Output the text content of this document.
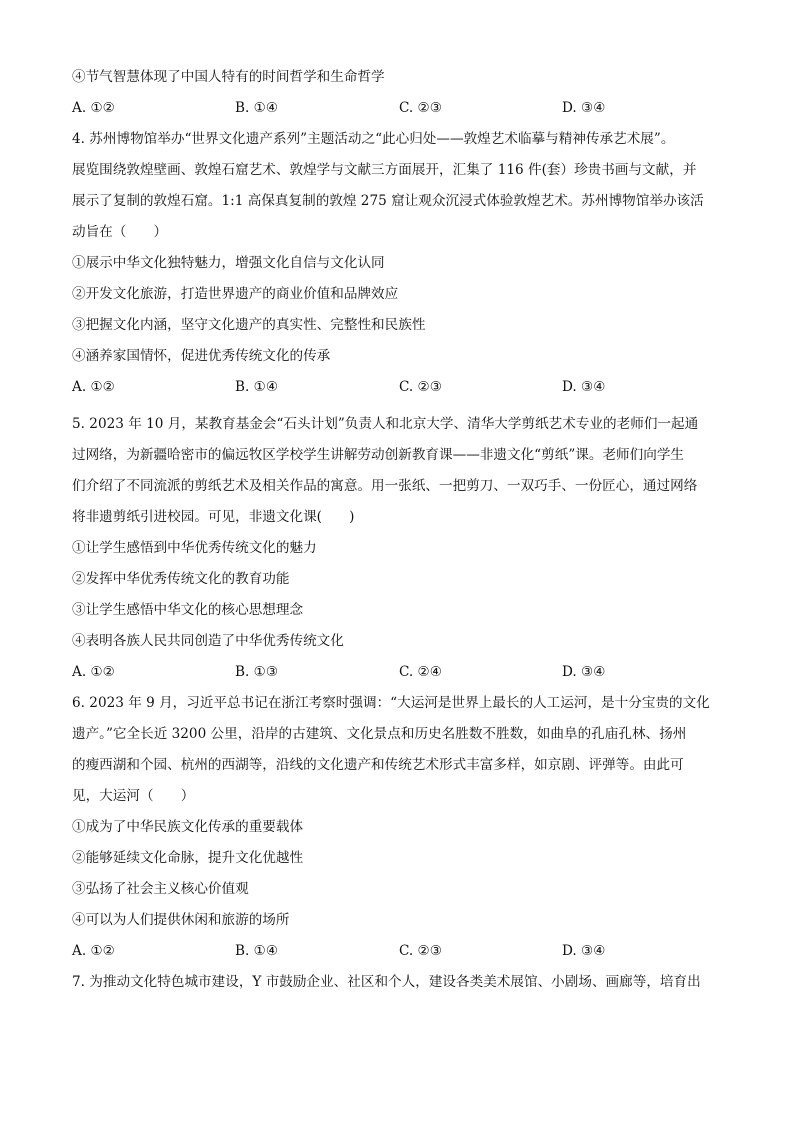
④节气智慧体现了中国人特有的时间哲学和生命哲学
A. ①②	B. ①④	C. ②③	D. ③④
4. 苏州博物馆举办“世界文化遗产系列”主题活动之“此心归处——敦煌艺术临摹与精神传承艺术展”。
展览围绕敦煌壁画、敦煌石窟艺术、敦煌学与文献三方面展开，汇集了 116 件(套）珍贵书画与文献，并
展示了复制的敦煌石窟。1:1 高保真复制的敦煌 275 窟让观众沉浸式体验敦煌艺术。苏州博物馆举办该活
动旨在（　　）
①展示中华文化独特魅力，增强文化自信与文化认同
②开发文化旅游，打造世界遗产的商业价值和品牌效应
③把握文化内涵，坚守文化遗产的真实性、完整性和民族性
④涵养家国情怀，促进优秀传统文化的传承
A. ①②	B. ①④	C. ②③	D. ③④
5. 2023 年 10 月，某教育基金会“石头计划”负责人和北京大学、清华大学剪纸艺术专业的老师们一起通
过网络，为新疆哈密市的偏远牧区学校学生讲解劳动创新教育课——非遗文化“剪纸”课。老师们向学生
们介绍了不同流派的剪纸艺术及相关作品的寓意。用一张纸、一把剪刀、一双巧手、一份匠心，通过网络
将非遗剪纸引进校园。可见，非遗文化课(　　)
①让学生感悟到中华优秀传统文化的魅力
②发挥中华优秀传统文化的教育功能
③让学生感悟中华文化的核心思想理念
④表明各族人民共同创造了中华优秀传统文化
A. ①②	B. ①③	C. ②④	D. ③④
6. 2023 年 9 月，习近平总书记在浙江考察时强调：“大运河是世界上最长的人工运河，是十分宝贵的文化
遗产。”它全长近 3200 公里，沿岸的古建筑、文化景点和历史名胜数不胜数，如曲阜的孔庙孔林、扬州
的瘦西湖和个园、杭州的西湖等，沿线的文化遗产和传统艺术形式丰富多样，如京剧、评弹等。由此可
见，大运河（　　）
①成为了中华民族文化传承的重要载体
②能够延续文化命脉，提升文化优越性
③弘扬了社会主义核心价值观
④可以为人们提供休闲和旅游的场所
A. ①②	B. ①④	C. ②③	D. ③④
7. 为推动文化特色城市建设，Y 市鼓励企业、社区和个人，建设各类美术展馆、小剧场、画廊等，培育出
